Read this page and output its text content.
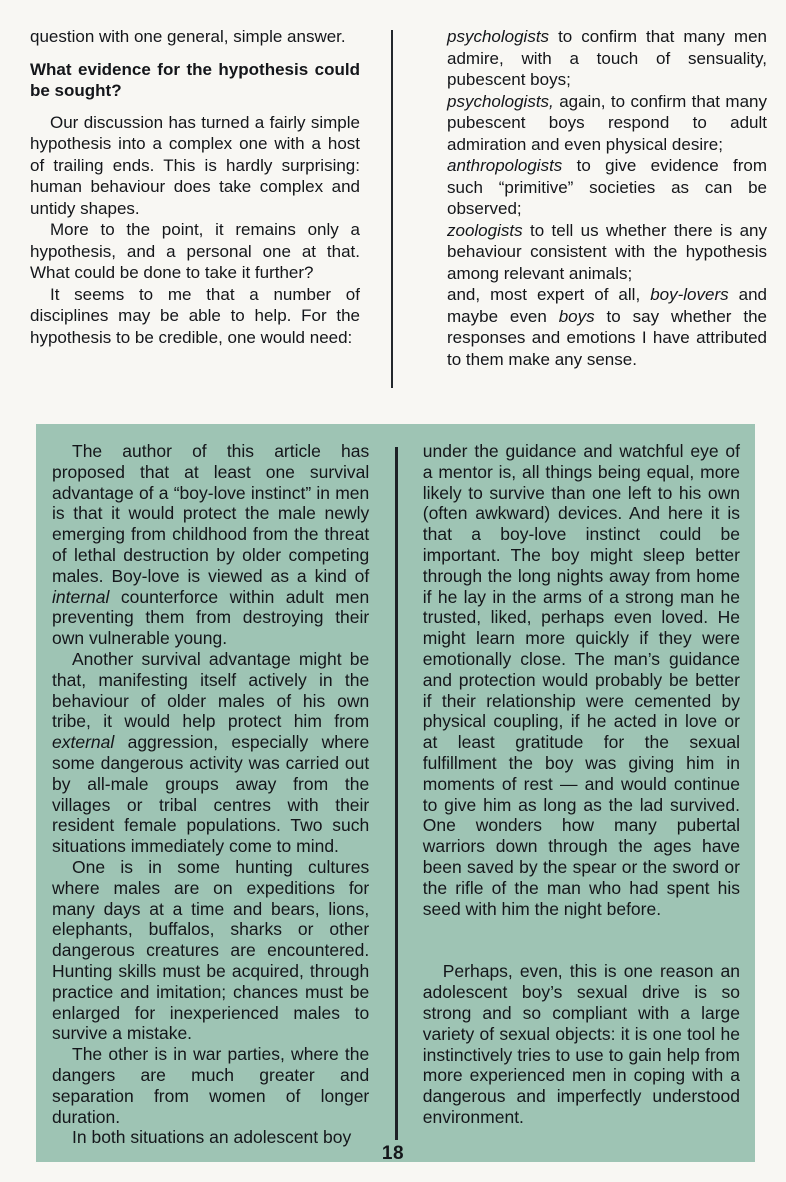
question with one general, simple answer.

What evidence for the hypothesis could be sought?

Our discussion has turned a fairly simple hypothesis into a complex one with a host of trailing ends. This is hardly surprising: human behaviour does take complex and untidy shapes.

More to the point, it remains only a hypothesis, and a personal one at that. What could be done to take it further?

It seems to me that a number of disciplines may be able to help. For the hypothesis to be credible, one would need:

psychologists to confirm that many men admire, with a touch of sensuality, pubescent boys;

psychologists, again, to confirm that many pubescent boys respond to adult admiration and even physical desire;

anthropologists to give evidence from such “primitive” societies as can be observed;

zoologists to tell us whether there is any behaviour consistent with the hypothesis among relevant animals;

and, most expert of all, boy-lovers and maybe even boys to say whether the responses and emotions I have attributed to them make any sense.

The author of this article has proposed that at least one survival advantage of a “boy-love instinct” in men is that it would protect the male newly emerging from childhood from the threat of lethal destruction by older competing males. Boy-love is viewed as a kind of internal counterforce within adult men preventing them from destroying their own vulnerable young.

Another survival advantage might be that, manifesting itself actively in the behaviour of older males of his own tribe, it would help protect him from external aggression, especially where some dangerous activity was carried out by all-male groups away from the villages or tribal centres with their resident female populations. Two such situations immediately come to mind.

One is in some hunting cultures where males are on expeditions for many days at a time and bears, lions, elephants, buffalos, sharks or other dangerous creatures are encountered. Hunting skills must be acquired, through practice and imitation; chances must be enlarged for inexperienced males to survive a mistake.

The other is in war parties, where the dangers are much greater and separation from women of longer duration.

In both situations an adolescent boy

under the guidance and watchful eye of a mentor is, all things being equal, more likely to survive than one left to his own (often awkward) devices. And here it is that a boy-love instinct could be important. The boy might sleep better through the long nights away from home if he lay in the arms of a strong man he trusted, liked, perhaps even loved. He might learn more quickly if they were emotionally close. The man’s guidance and protection would probably be better if their relationship were cemented by physical coupling, if he acted in love or at least gratitude for the sexual fulfillment the boy was giving him in moments of rest — and would continue to give him as long as the lad survived. One wonders how many pubertal warriors down through the ages have been saved by the spear or the sword or the rifle of the man who had spent his seed with him the night before.

Perhaps, even, this is one reason an adolescent boy’s sexual drive is so strong and so compliant with a large variety of sexual objects: it is one tool he instinctively tries to use to gain help from more experienced men in coping with a dangerous and imperfectly understood environment.

18
